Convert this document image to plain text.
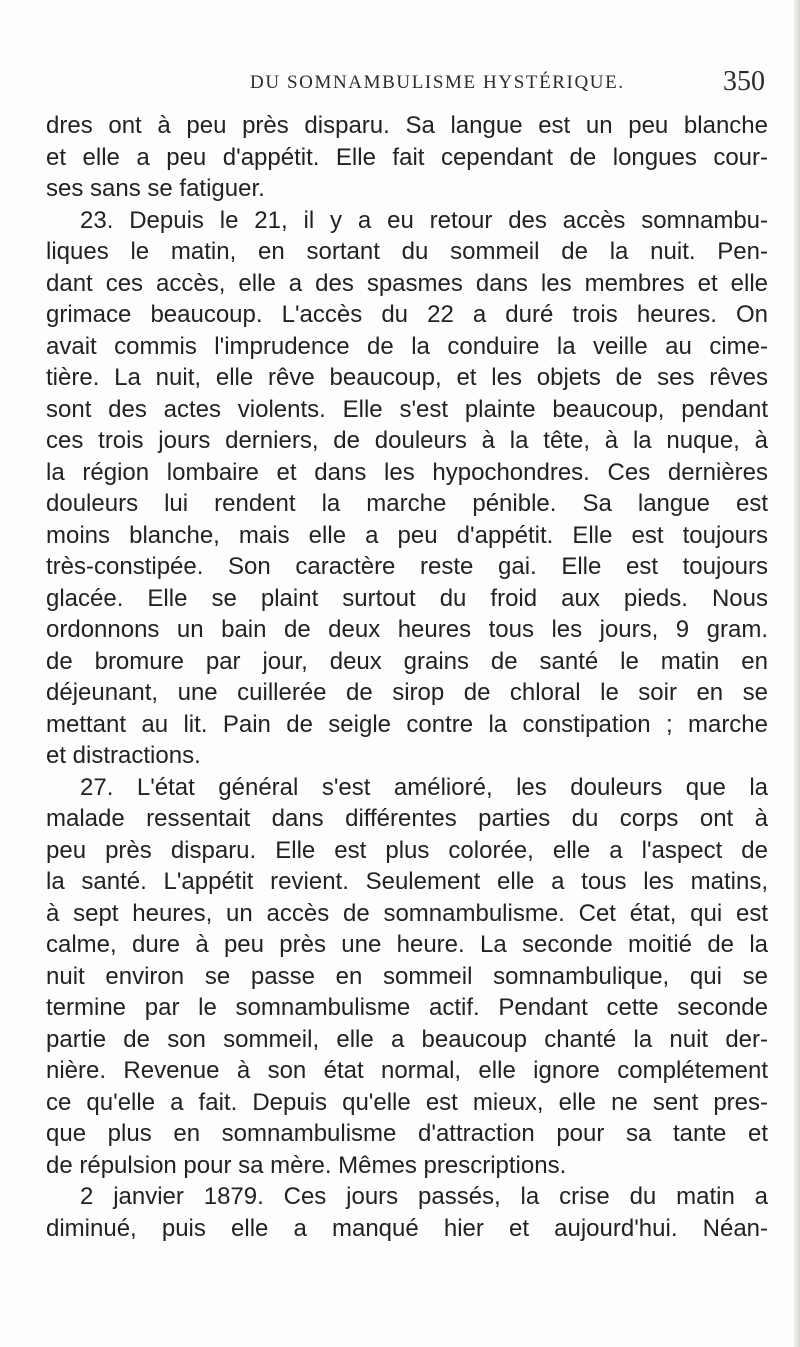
DU SOMNAMBULISME HYSTÉRIQUE.	350
dres ont à peu près disparu. Sa langue est un peu blanche
et elle a peu d'appétit. Elle fait cependant de longues cour-
ses sans se fatiguer.
23. Depuis le 21, il y a eu retour des accès somnambu-
liques le matin, en sortant du sommeil de la nuit. Pen-
dant ces accès, elle a des spasmes dans les membres et elle
grimace beaucoup. L'accès du 22 a duré trois heures. On
avait commis l'imprudence de la conduire la veille au cime-
tière. La nuit, elle rêve beaucoup, et les objets de ses rêves
sont des actes violents. Elle s'est plainte beaucoup, pendant
ces trois jours derniers, de douleurs à la tête, à la nuque, à
la région lombaire et dans les hypochondres. Ces dernières
douleurs lui rendent la marche pénible. Sa langue est
moins blanche, mais elle a peu d'appétit. Elle est toujours
très-constipée. Son caractère reste gai. Elle est toujours
glacée. Elle se plaint surtout du froid aux pieds. Nous
ordonnons un bain de deux heures tous les jours, 9 gram.
de bromure par jour, deux grains de santé le matin en
déjeunant, une cuillerée de sirop de chloral le soir en se
mettant au lit. Pain de seigle contre la constipation ; marche
et distractions.
27. L'état général s'est amélioré, les douleurs que la
malade ressentait dans différentes parties du corps ont à
peu près disparu. Elle est plus colorée, elle a l'aspect de
la santé. L'appétit revient. Seulement elle a tous les matins,
à sept heures, un accès de somnambulisme. Cet état, qui est
calme, dure à peu près une heure. La seconde moitié de la
nuit environ se passe en sommeil somnambulique, qui se
termine par le somnambulisme actif. Pendant cette seconde
partie de son sommeil, elle a beaucoup chanté la nuit der-
nière. Revenue à son état normal, elle ignore complétement
ce qu'elle a fait. Depuis qu'elle est mieux, elle ne sent pres-
que plus en somnambulisme d'attraction pour sa tante et
de répulsion pour sa mère. Mêmes prescriptions.
2 janvier 1879. Ces jours passés, la crise du matin a
diminué, puis elle a manqué hier et aujourd'hui. Néan-
